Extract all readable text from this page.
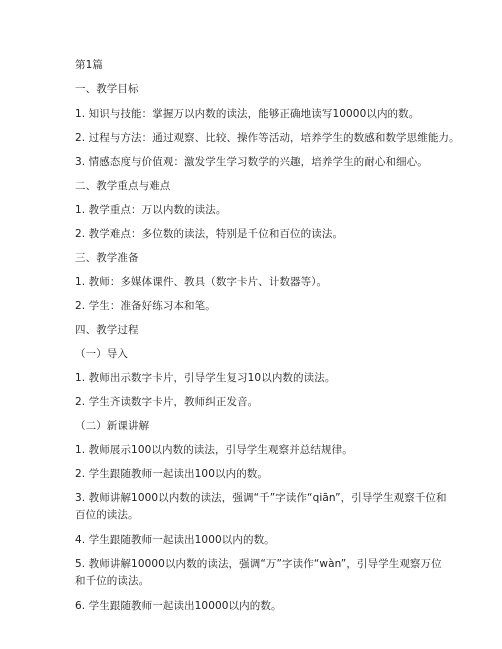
第1篇
一、教学目标
1. 知识与技能：掌握万以内数的读法，能够正确地读写10000以内的数。
2. 过程与方法：通过观察、比较、操作等活动，培养学生的数感和数学思维能力。
3. 情感态度与价值观：激发学生学习数学的兴趣，培养学生的耐心和细心。
二、教学重点与难点
1. 教学重点：万以内数的读法。
2. 教学难点：多位数的读法，特别是千位和百位的读法。
三、教学准备
1. 教师：多媒体课件、教具（数字卡片、计数器等）。
2. 学生：准备好练习本和笔。
四、教学过程
（一）导入
1. 教师出示数字卡片，引导学生复习10以内数的读法。
2. 学生齐读数字卡片，教师纠正发音。
（二）新课讲解
1. 教师展示100以内数的读法，引导学生观察并总结规律。
2. 学生跟随教师一起读出100以内的数。
3. 教师讲解1000以内数的读法，强调“千”字读作“qiān”，引导学生观察千位和百位的读法。
4. 学生跟随教师一起读出1000以内的数。
5. 教师讲解10000以内数的读法，强调“万”字读作“wàn”，引导学生观察万位和千位的读法。
6. 学生跟随教师一起读出10000以内的数。
